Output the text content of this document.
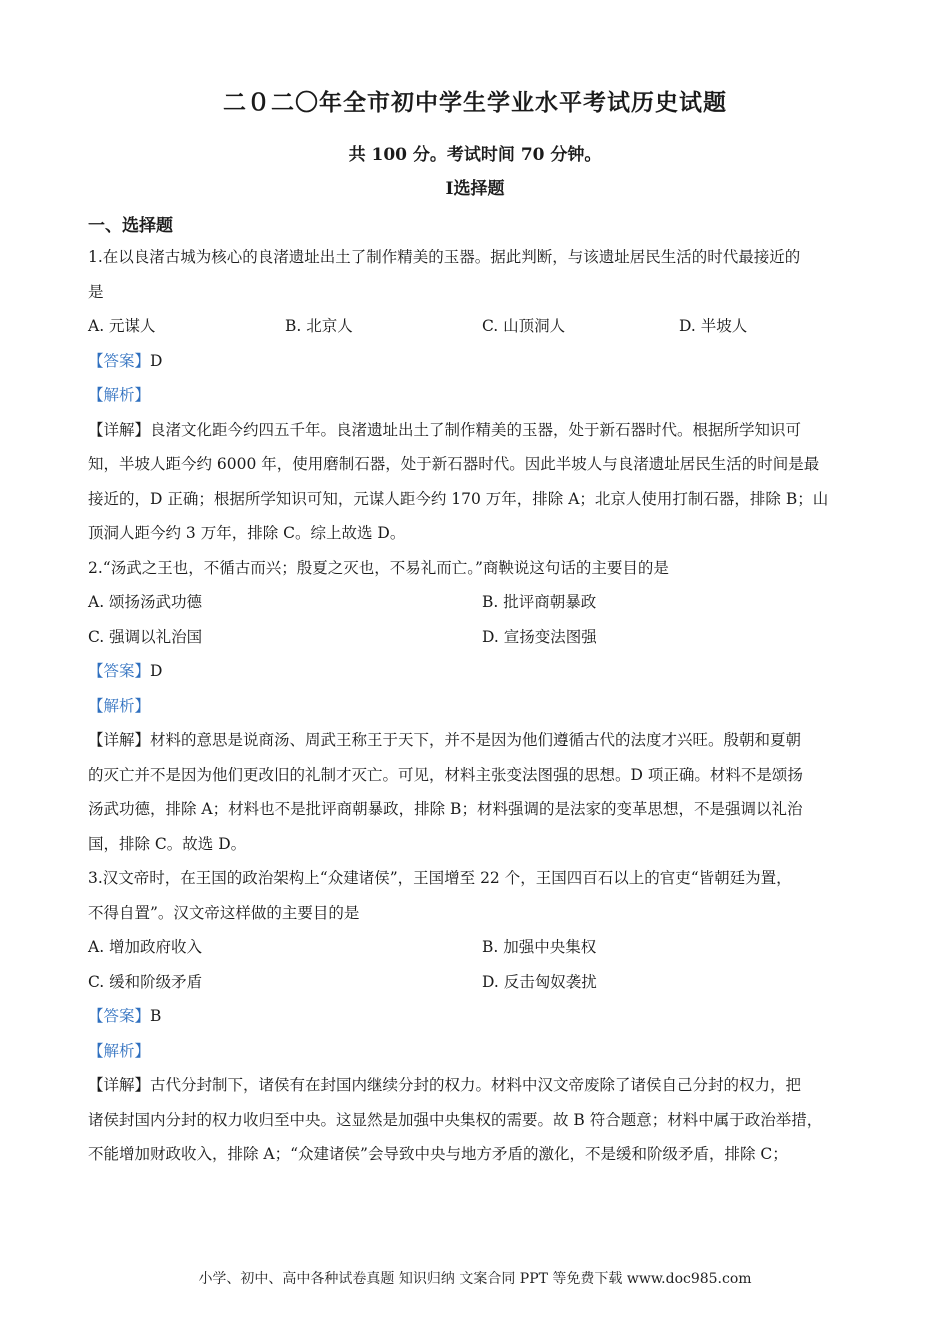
二０二〇年全市初中学生学业水平考试历史试题
共 100 分。考试时间 70 分钟。
Ⅰ选择题
一、选择题
1.在以良渚古城为核心的良渚遗址出土了制作精美的玉器。据此判断，与该遗址居民生活的时代最接近的
是
A. 元谋人	B. 北京人	C. 山顶洞人	D. 半坡人
【答案】D
【解析】
【详解】良渚文化距今约四五千年。良渚遗址出土了制作精美的玉器，处于新石器时代。根据所学知识可
知，半坡人距今约 6000 年，使用磨制石器，处于新石器时代。因此半坡人与良渚遗址居民生活的时间是最
接近的，D 正确；根据所学知识可知，元谋人距今约 170 万年，排除 A；北京人使用打制石器，排除 B；山
顶洞人距今约 3 万年，排除 C。综上故选 D。
2.“汤武之王也，不循古而兴；殷夏之灭也，不易礼而亡。”商鞅说这句话的主要目的是
A. 颂扬汤武功德	B. 批评商朝暴政
C. 强调以礼治国	D. 宣扬变法图强
【答案】D
【解析】
【详解】材料的意思是说商汤、周武王称王于天下，并不是因为他们遵循古代的法度才兴旺。殷朝和夏朝
的灭亡并不是因为他们更改旧的礼制才灭亡。可见，材料主张变法图强的思想。D 项正确。材料不是颂扬
汤武功德，排除 A；材料也不是批评商朝暴政，排除 B；材料强调的是法家的变革思想，不是强调以礼治
国，排除 C。故选 D。
3.汉文帝时，在王国的政治架构上“众建诸侯”，王国增至 22 个，王国四百石以上的官吏“皆朝廷为置，
不得自置”。汉文帝这样做的主要目的是
A. 增加政府收入	B. 加强中央集权
C. 缓和阶级矛盾	D. 反击匈奴袭扰
【答案】B
【解析】
【详解】古代分封制下，诸侯有在封国内继续分封的权力。材料中汉文帝废除了诸侯自己分封的权力，把
诸侯封国内分封的权力收归至中央。这显然是加强中央集权的需要。故 B 符合题意；材料中属于政治举措，
不能增加财政收入，排除 A；“众建诸侯”会导致中央与地方矛盾的激化，不是缓和阶级矛盾，排除 C；
小学、初中、高中各种试卷真题 知识归纳 文案合同 PPT 等免费下载 www.doc985.com
